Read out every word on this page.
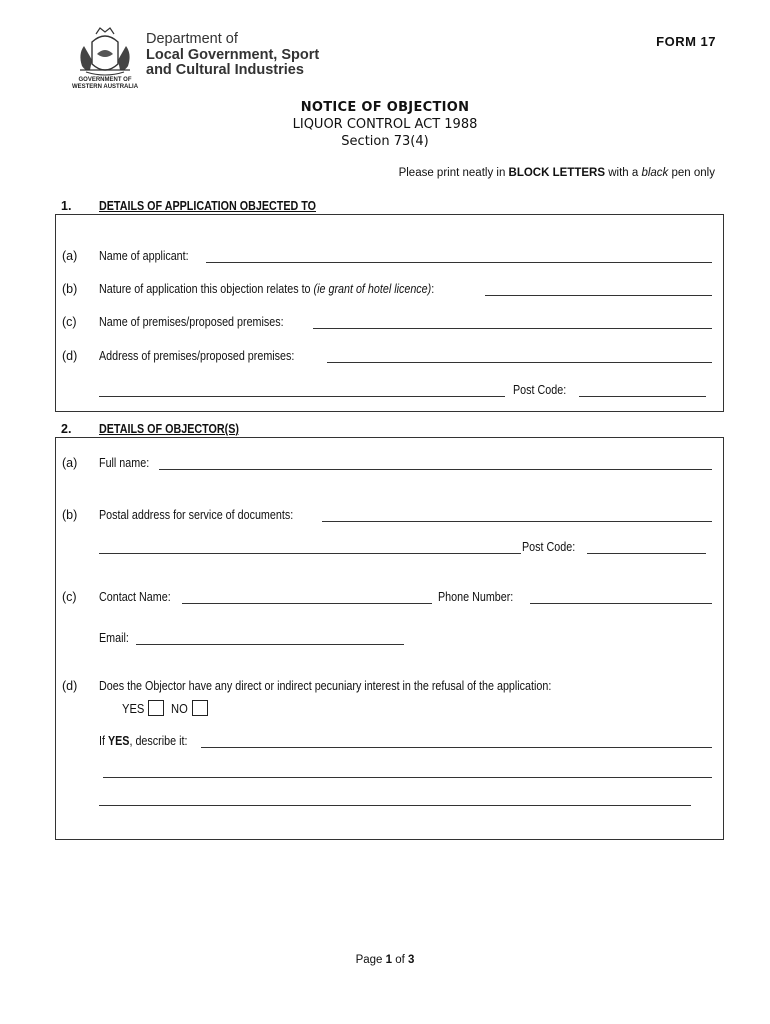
GOVERNMENT OF
WESTERN AUSTRALIA
Department of
Local Government, Sport
and Cultural Industries
FORM 17
NOTICE OF OBJECTION
LIQUOR CONTROL ACT 1988
Section 73(4)
Please print neatly in BLOCK LETTERS with a black pen only
1. DETAILS OF APPLICATION OBJECTED TO
(a) Name of applicant:
(b) Nature of application this objection relates to (ie grant of hotel licence):
(c) Name of premises/proposed premises:
(d) Address of premises/proposed premises:
Post Code:
2. DETAILS OF OBJECTOR(S)
(a) Full name:
(b) Postal address for service of documents:
Post Code:
(c) Contact Name:	Phone Number:
Email:
(d) Does the Objector have any direct or indirect pecuniary interest in the refusal of the application:
YES NO
If YES, describe it:
Page 1 of 3
